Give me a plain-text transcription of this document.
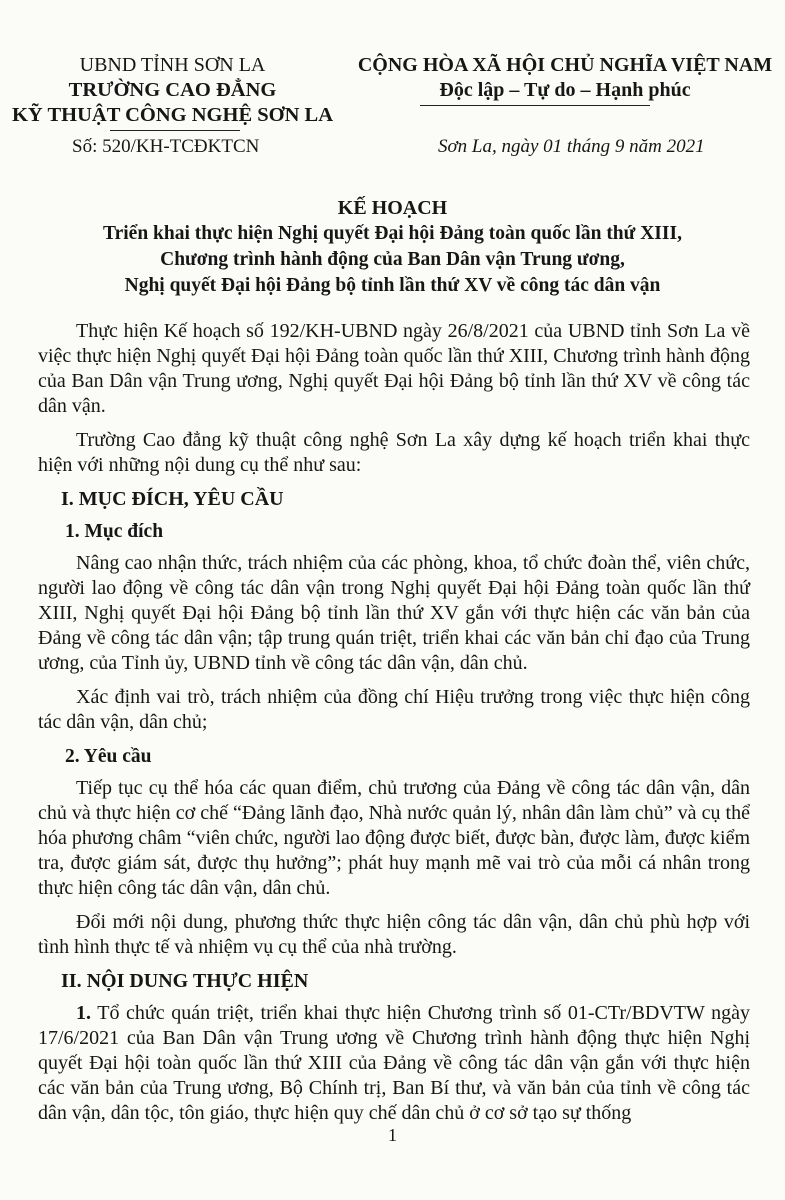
UBND TỈNH SƠN LA
TRƯỜNG CAO ĐẲNG
KỸ THUẬT CÔNG NGHỆ SƠN LA
CỘNG HÒA XÃ HỘI CHỦ NGHĨA VIỆT NAM
Độc lập – Tự do – Hạnh phúc
Số: 520/KH-TCĐKTCN	Sơn La, ngày 01 tháng 9 năm 2021
KẾ HOẠCH
Triển khai thực hiện Nghị quyết Đại hội Đảng toàn quốc lần thứ XIII,
Chương trình hành động của Ban Dân vận Trung ương,
Nghị quyết Đại hội Đảng bộ tỉnh lần thứ XV về công tác dân vận

Thực hiện Kế hoạch số 192/KH-UBND ngày 26/8/2021 của UBND tỉnh Sơn La về việc thực hiện Nghị quyết Đại hội Đảng toàn quốc lần thứ XIII, Chương trình hành động của Ban Dân vận Trung ương, Nghị quyết Đại hội Đảng bộ tỉnh lần thứ XV về công tác dân vận.

Trường Cao đẳng kỹ thuật công nghệ Sơn La xây dựng kế hoạch triển khai thực hiện với những nội dung cụ thể như sau:

I. MỤC ĐÍCH, YÊU CẦU
1. Mục đích

Nâng cao nhận thức, trách nhiệm của các phòng, khoa, tổ chức đoàn thể, viên chức, người lao động về công tác dân vận trong Nghị quyết Đại hội Đảng toàn quốc lần thứ XIII, Nghị quyết Đại hội Đảng bộ tỉnh lần thứ XV gắn với thực hiện các văn bản của Đảng về công tác dân vận; tập trung quán triệt, triển khai các văn bản chỉ đạo của Trung ương, của Tỉnh ủy, UBND tỉnh về công tác dân vận, dân chủ.

Xác định vai trò, trách nhiệm của đồng chí Hiệu trưởng trong việc thực hiện công tác dân vận, dân chủ;

2. Yêu cầu

Tiếp tục cụ thể hóa các quan điểm, chủ trương của Đảng về công tác dân vận, dân chủ và thực hiện cơ chế “Đảng lãnh đạo, Nhà nước quản lý, nhân dân làm chủ” và cụ thể hóa phương châm “viên chức, người lao động được biết, được bàn, được làm, được kiểm tra, được giám sát, được thụ hưởng”; phát huy mạnh mẽ vai trò của mỗi cá nhân trong thực hiện công tác dân vận, dân chủ.

Đổi mới nội dung, phương thức thực hiện công tác dân vận, dân chủ phù hợp với tình hình thực tế và nhiệm vụ cụ thể của nhà trường.

II. NỘI DUNG THỰC HIỆN

1. Tổ chức quán triệt, triển khai thực hiện Chương trình số 01-CTr/BDVTW ngày 17/6/2021 của Ban Dân vận Trung ương về Chương trình hành động thực hiện Nghị quyết Đại hội toàn quốc lần thứ XIII của Đảng về công tác dân vận gắn với thực hiện các văn bản của Trung ương, Bộ Chính trị, Ban Bí thư, và văn bản của tỉnh về công tác dân vận, dân tộc, tôn giáo, thực hiện quy chế dân chủ ở cơ sở tạo sự thống

1
